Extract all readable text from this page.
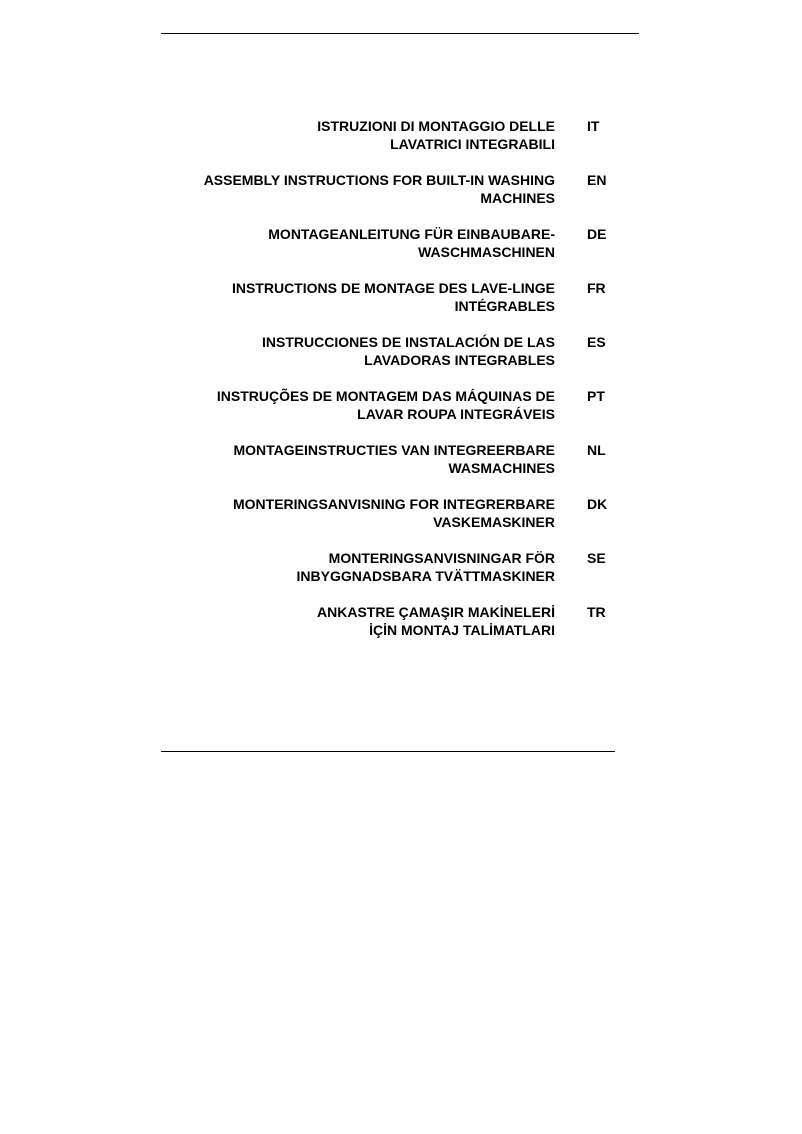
ISTRUZIONI DI MONTAGGIO DELLE
LAVATRICI INTEGRABILI
IT
ASSEMBLY INSTRUCTIONS FOR BUILT-IN WASHING
MACHINES
EN
MONTAGEANLEITUNG FÜR EINBAUBARE-
WASCHMASCHINEN
DE
INSTRUCTIONS DE MONTAGE DES LAVE-LINGE
INTÉGRABLES
FR
INSTRUCCIONES DE INSTALACIÓN DE LAS
LAVADORAS INTEGRABLES
ES
INSTRUÇÕES DE MONTAGEM DAS MÁQUINAS DE
LAVAR ROUPA INTEGRÁVEIS
PT
MONTAGEINSTRUCTIES VAN INTEGREERBARE
WASMACHINES
NL
MONTERINGSANVISNING FOR INTEGRERBARE
VASKEMASKINER
DK
MONTERINGSANVISNINGAR FÖR
INBYGGNADSBARA TVÄTTMASKINER
SE
ANKASTRE ÇAMAŞIR MAKİNELERİ
İÇİN MONTAJ TALİMATLARI
TR
